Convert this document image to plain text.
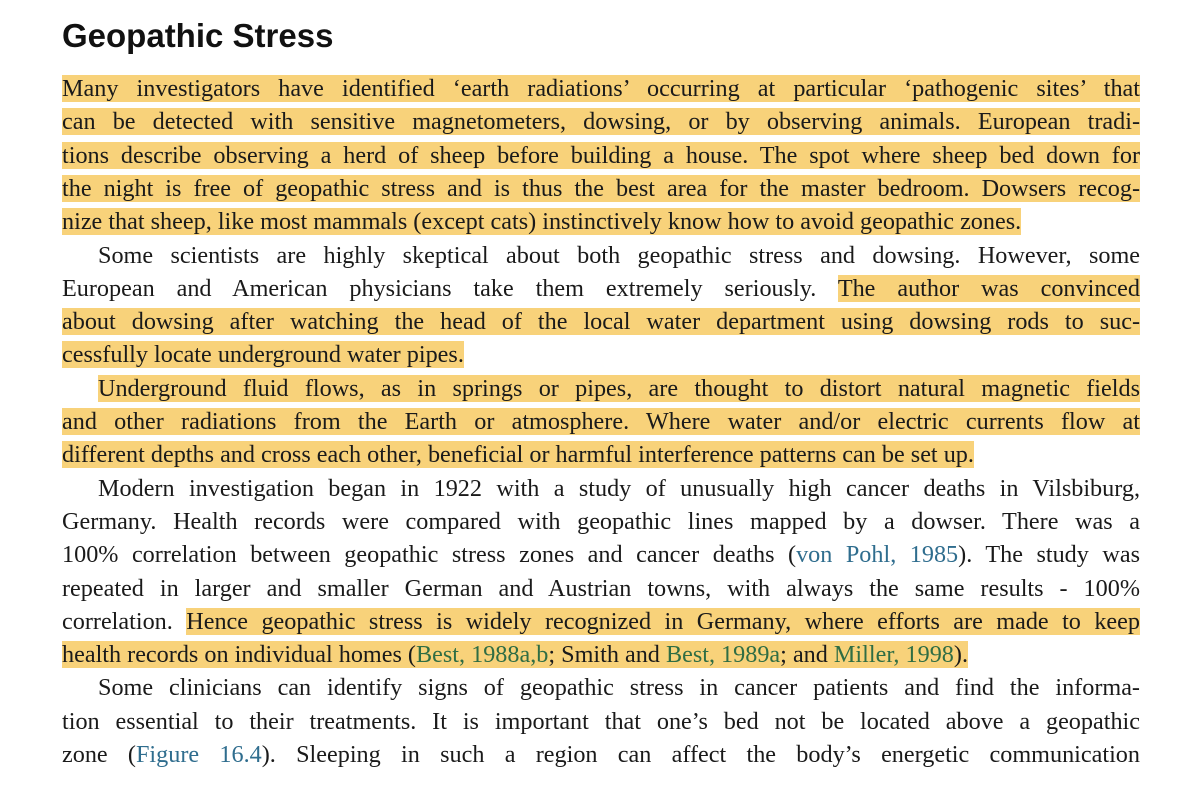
Geopathic Stress
Many investigators have identified ‘earth radiations’ occurring at particular ‘pathogenic sites’ that
can be detected with sensitive magnetometers, dowsing, or by observing animals. European tradi-
tions describe observing a herd of sheep before building a house. The spot where sheep bed down for
the night is free of geopathic stress and is thus the best area for the master bedroom. Dowsers recog-
nize that sheep, like most mammals (except cats) instinctively know how to avoid geopathic zones.
Some scientists are highly skeptical about both geopathic stress and dowsing. However, some
European and American physicians take them extremely seriously. The author was convinced
about dowsing after watching the head of the local water department using dowsing rods to suc-
cessfully locate underground water pipes.
Underground fluid flows, as in springs or pipes, are thought to distort natural magnetic fields
and other radiations from the Earth or atmosphere. Where water and/or electric currents flow at
different depths and cross each other, beneficial or harmful interference patterns can be set up.
Modern investigation began in 1922 with a study of unusually high cancer deaths in Vilsbiburg,
Germany. Health records were compared with geopathic lines mapped by a dowser. There was a
100% correlation between geopathic stress zones and cancer deaths (von Pohl, 1985). The study was
repeated in larger and smaller German and Austrian towns, with always the same results - 100%
correlation. Hence geopathic stress is widely recognized in Germany, where efforts are made to keep
health records on individual homes (Best, 1988a,b; Smith and Best, 1989a; and Miller, 1998).
Some clinicians can identify signs of geopathic stress in cancer patients and find the informa-
tion essential to their treatments. It is important that one’s bed not be located above a geopathic
zone (Figure 16.4). Sleeping in such a region can affect the body’s energetic communication
